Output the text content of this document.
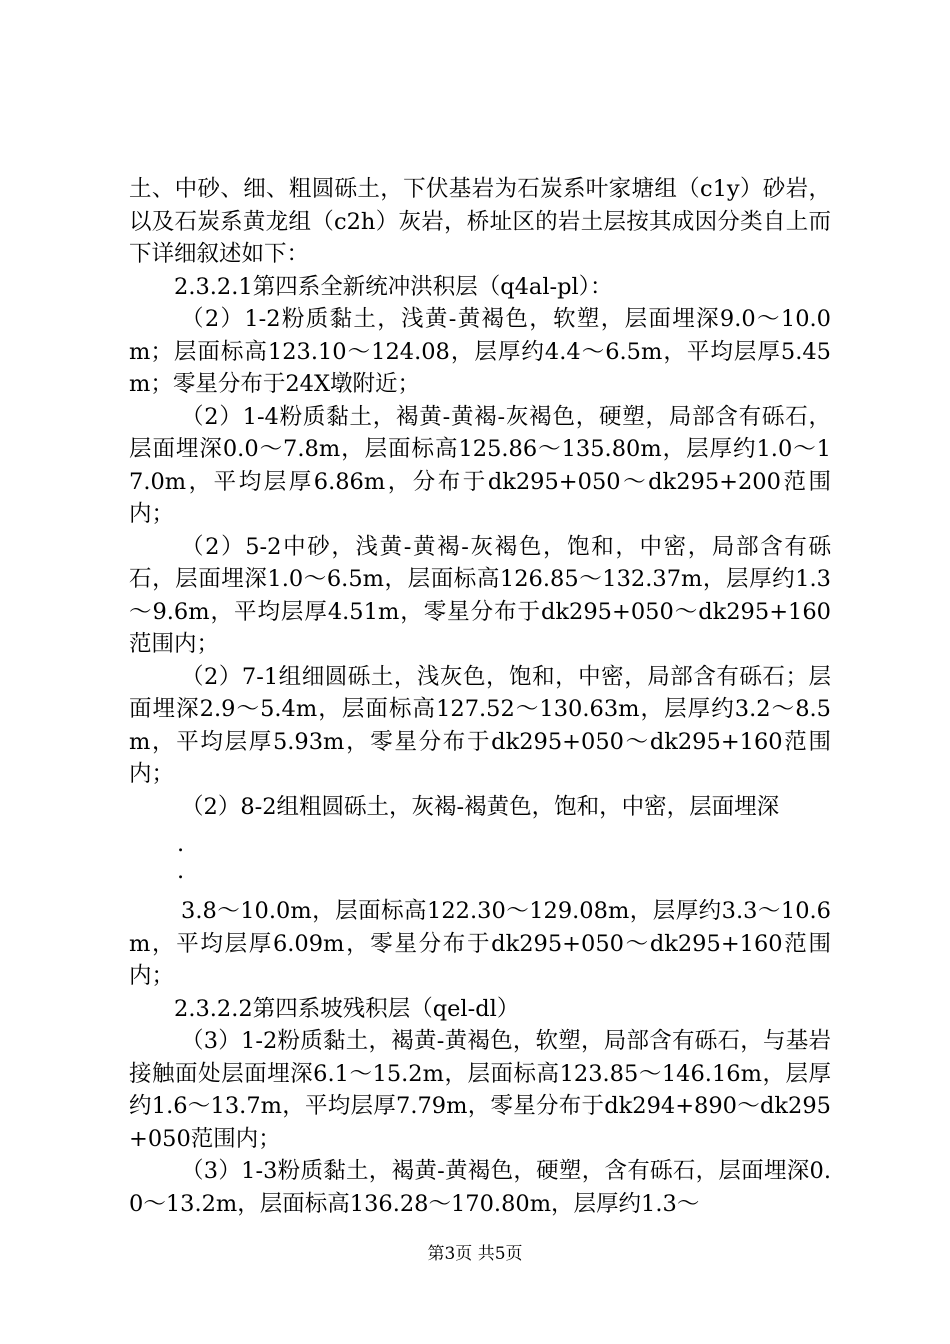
土、中砂、细、粗圆砾土，下伏基岩为石炭系叶家塘组（c1y）砂岩，以及石炭系黄龙组（c2h）灰岩，桥址区的岩土层按其成因分类自上而下详细叙述如下：

2.3.2.1第四系全新统冲洪积层（q4al-pl）：

（2）1-2粉质黏土，浅黄-黄褐色，软塑，层面埋深9.0～10.0m；层面标高123.10～124.08，层厚约4.4～6.5m，平均层厚5.45m；零星分布于24X墩附近；

（2）1-4粉质黏土，褐黄-黄褐-灰褐色，硬塑，局部含有砾石，层面埋深0.0～7.8m，层面标高125.86～135.80m，层厚约1.0～17.0m，平均层厚6.86m，分布于dk295+050～dk295+200范围内；

（2）5-2中砂，浅黄-黄褐-灰褐色，饱和，中密，局部含有砾石，层面埋深1.0～6.5m，层面标高126.85～132.37m，层厚约1.3～9.6m，平均层厚4.51m，零星分布于dk295+050～dk295+160范围内；

（2）7-1组细圆砾土，浅灰色，饱和，中密，局部含有砾石；层面埋深2.9～5.4m，层面标高127.52～130.63m，层厚约3.2～8.5m，平均层厚5.93m，零星分布于dk295+050～dk295+160范围内；

（2）8-2组粗圆砾土，灰褐-褐黄色，饱和，中密，层面埋深

.

.

3.8～10.0m，层面标高122.30～129.08m，层厚约3.3～10.6m，平均层厚6.09m，零星分布于dk295+050～dk295+160范围内；

2.3.2.2第四系坡残积层（qel-dl）

（3）1-2粉质黏土，褐黄-黄褐色，软塑，局部含有砾石，与基岩接触面处层面埋深6.1～15.2m，层面标高123.85～146.16m，层厚约1.6～13.7m，平均层厚7.79m，零星分布于dk294+890～dk295+050范围内；

（3）1-3粉质黏土，褐黄-黄褐色，硬塑，含有砾石，层面埋深0.0～13.2m，层面标高136.28～170.80m，层厚约1.3～

第3页 共5页
